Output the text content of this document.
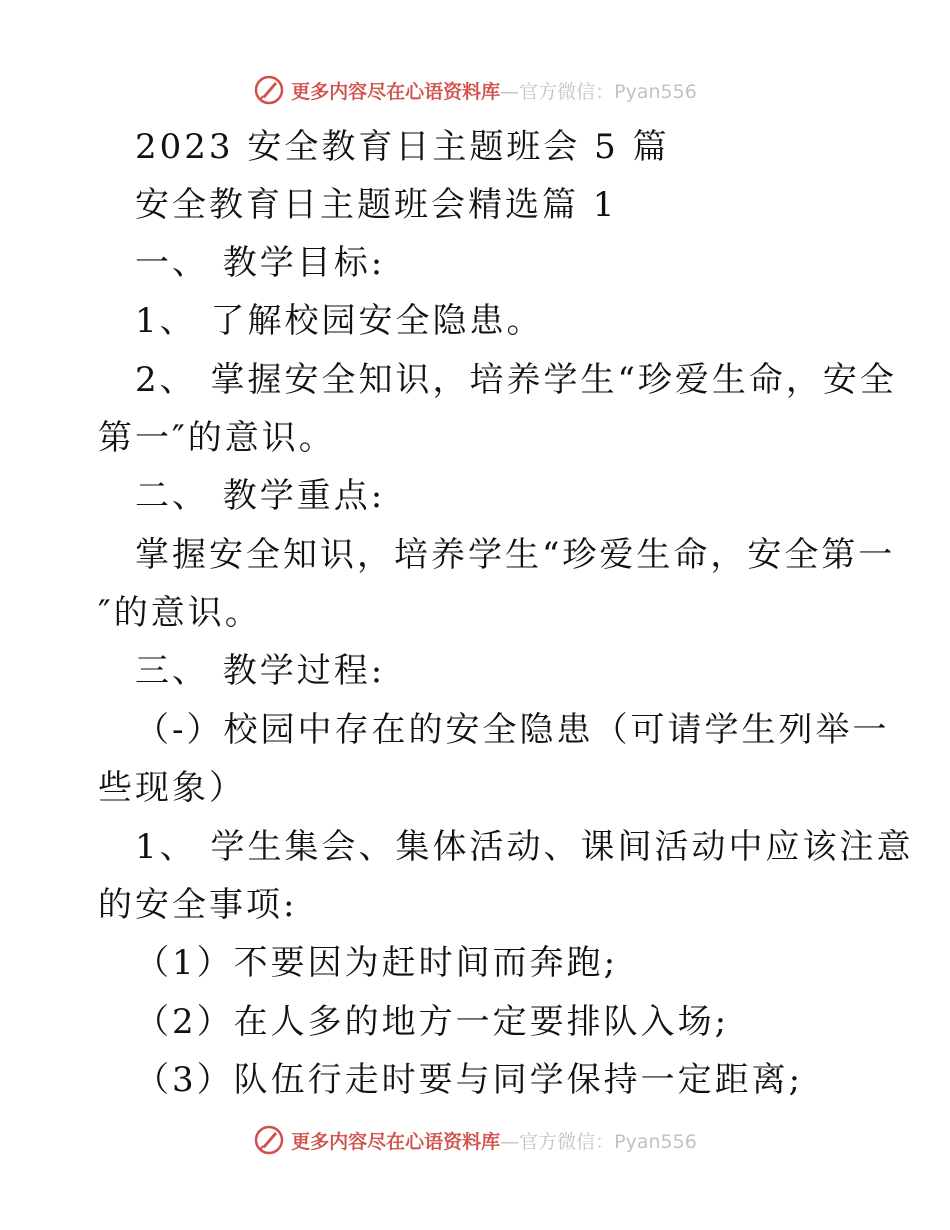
更多内容尽在心语资料库 —官方微信：Pyan556
2023 安全教育日主题班会 5 篇
安全教育日主题班会精选篇 1
一、 教学目标:
1、 了解校园安全隐患。
2、 掌握安全知识，培养学生“珍爱生命，安全
第一″的意识。
二、 教学重点:
掌握安全知识，培养学生“珍爱生命，安全第一
″的意识。
三、 教学过程:
（-）校园中存在的安全隐患（可请学生列举一
些现象）
1、 学生集会、集体活动、课间活动中应该注意
的安全事项:
（1）不要因为赶时间而奔跑;
（2）在人多的地方一定要排队入场;
（3）队伍行走时要与同学保持一定距离;
更多内容尽在心语资料库 —官方微信：Pyan556
